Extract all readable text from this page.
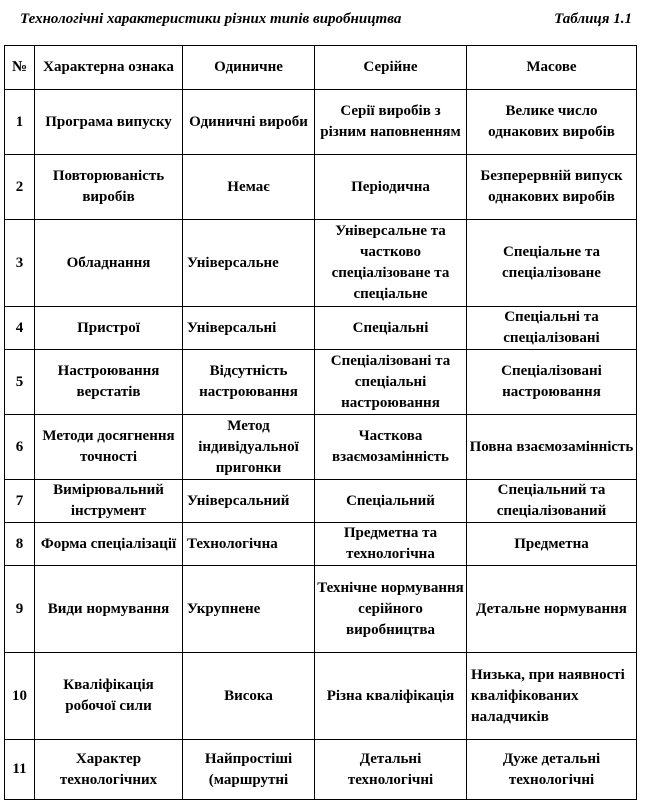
Технологічні характеристики різних типів виробництва	Таблиця 1.1
№	Характерна ознака	Одиничне	Серійне	Масове
1	Програма випуску	Одиничні вироби	Серії виробів з різним наповненням	Велике число однакових виробів
2	Повторюваність виробів	Немає	Періодична	Безперервній випуск однакових виробів
3	Обладнання	Універсальне	Універсальне та частково спеціалізоване та спеціальне	Спеціальне та спеціалізоване
4	Пристрої	Універсальні	Спеціальні	Спеціальні та спеціалізовані
5	Настроювання верстатів	Відсутність настроювання	Спеціалізовані та спеціальні настроювання	Спеціалізовані настроювання
6	Методи досягнення точності	Метод індивідуальної пригонки	Часткова взаємозамінність	Повна взаємозамінність
7	Вимірювальний інструмент	Універсальний	Спеціальний	Спеціальний та спеціалізований
8	Форма спеціалізації	Технологічна	Предметна та технологічна	Предметна
9	Види нормування	Укрупнене	Технічне нормування серійного виробництва	Детальне нормування
10	Кваліфікація робочої сили	Висока	Різна кваліфікація	Низька, при наявності кваліфікованих наладчиків
11	Характер технологічних	Найпростіші (маршрутні	Детальні технологічні	Дуже детальні технологічні
